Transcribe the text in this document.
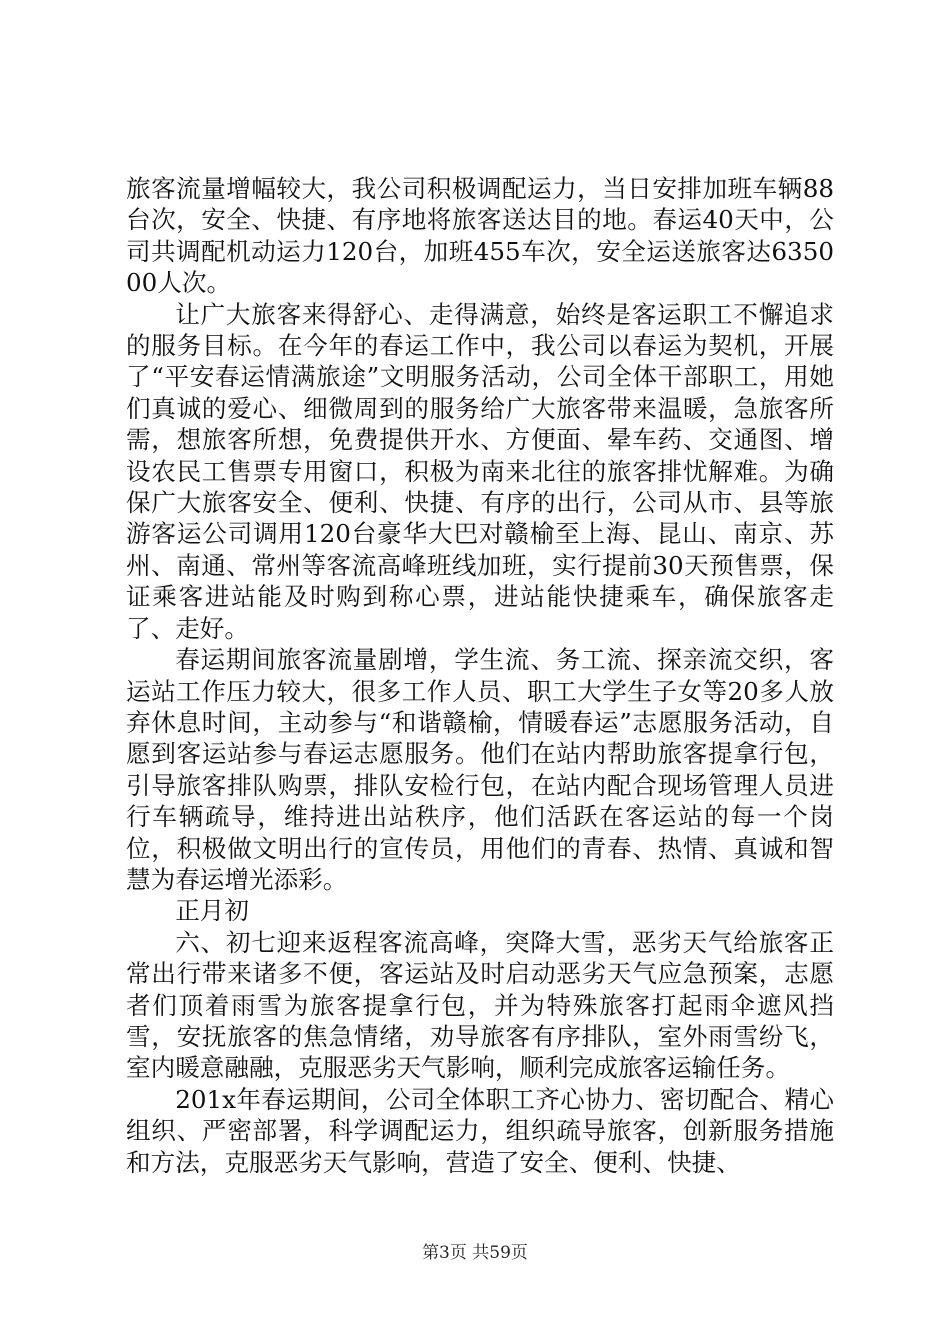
旅客流量增幅较大，我公司积极调配运力，当日安排加班车辆88台次，安全、快捷、有序地将旅客送达目的地。春运40天中，公司共调配机动运力120台，加班455车次，安全运送旅客达635000人次。

让广大旅客来得舒心、走得满意，始终是客运职工不懈追求的服务目标。在今年的春运工作中，我公司以春运为契机，开展了“平安春运情满旅途”文明服务活动，公司全体干部职工，用她们真诚的爱心、细微周到的服务给广大旅客带来温暖，急旅客所需，想旅客所想，免费提供开水、方便面、晕车药、交通图、增设农民工售票专用窗口，积极为南来北往的旅客排忧解难。为确保广大旅客安全、便利、快捷、有序的出行，公司从市、县等旅游客运公司调用120台豪华大巴对赣榆至上海、昆山、南京、苏州、南通、常州等客流高峰班线加班，实行提前30天预售票，保证乘客进站能及时购到称心票，进站能快捷乘车，确保旅客走了、走好。

春运期间旅客流量剧增，学生流、务工流、探亲流交织，客运站工作压力较大，很多工作人员、职工大学生子女等20多人放弃休息时间，主动参与“和谐赣榆，情暖春运”志愿服务活动，自愿到客运站参与春运志愿服务。他们在站内帮助旅客提拿行包，引导旅客排队购票，排队安检行包，在站内配合现场管理人员进行车辆疏导，维持进出站秩序，他们活跃在客运站的每一个岗位，积极做文明出行的宣传员，用他们的青春、热情、真诚和智慧为春运增光添彩。

正月初

六、初七迎来返程客流高峰，突降大雪，恶劣天气给旅客正常出行带来诸多不便，客运站及时启动恶劣天气应急预案，志愿者们顶着雨雪为旅客提拿行包，并为特殊旅客打起雨伞遮风挡雪，安抚旅客的焦急情绪，劝导旅客有序排队，室外雨雪纷飞，室内暖意融融，克服恶劣天气影响，顺利完成旅客运输任务。

201x年春运期间，公司全体职工齐心协力、密切配合、精心组织、严密部署，科学调配运力，组织疏导旅客，创新服务措施和方法，克服恶劣天气影响，营造了安全、便利、快捷、

第3页 共59页
